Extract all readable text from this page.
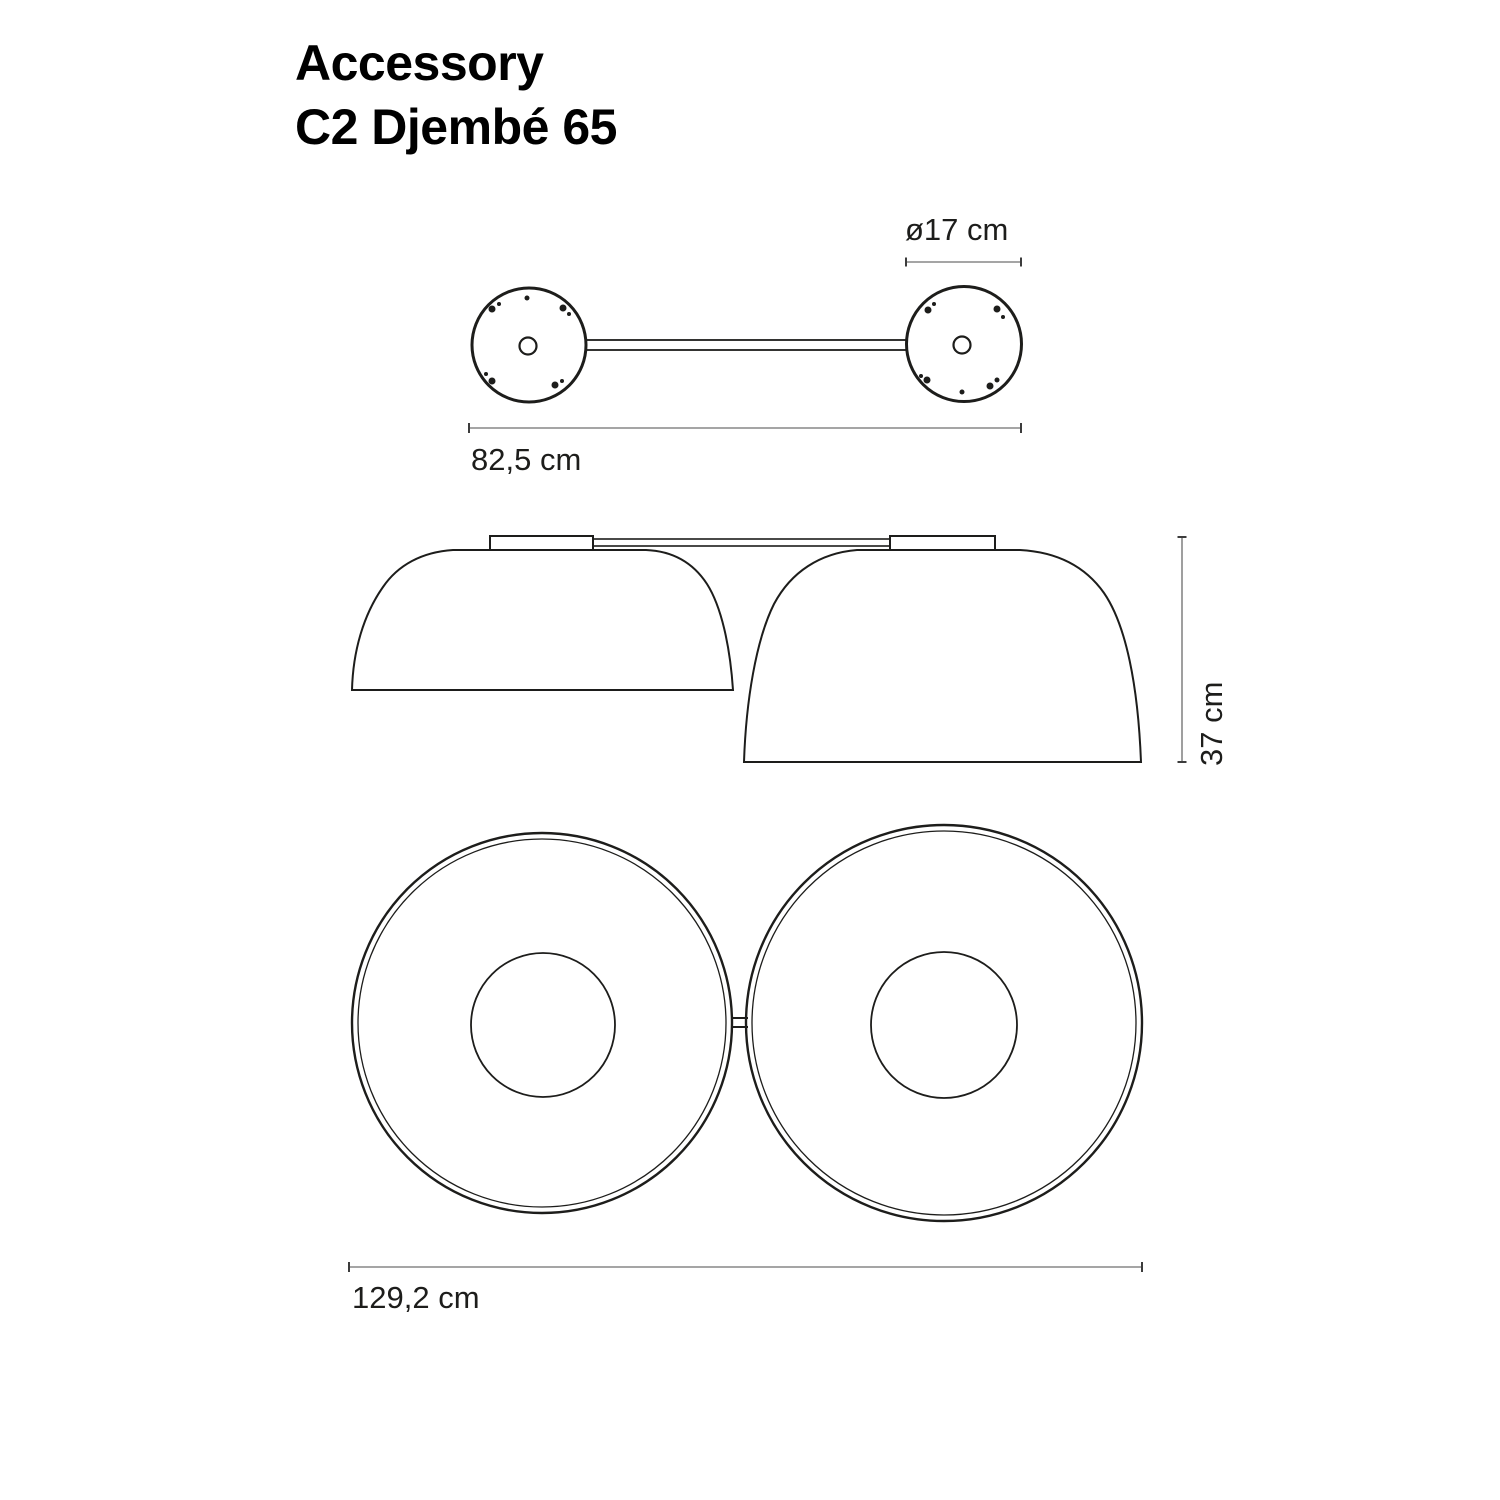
Accessory
C2 Djembé 65
ø17 cm
82,5 cm
37 cm
129,2 cm
